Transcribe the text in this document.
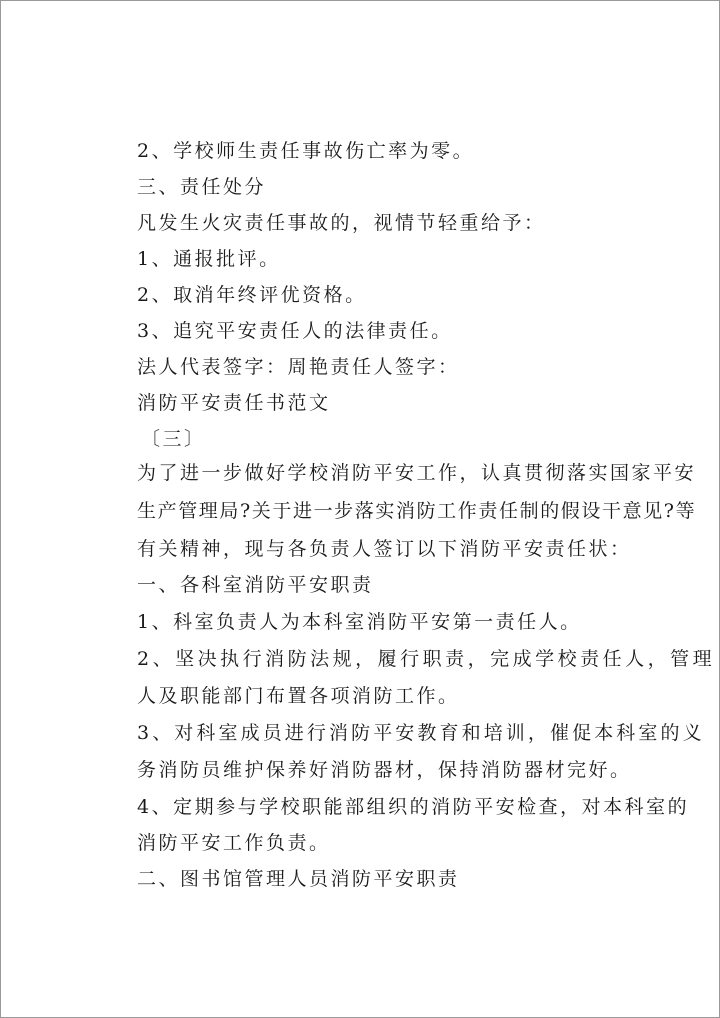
2、学校师生责任事故伤亡率为零。
三、责任处分
凡发生火灾责任事故的，视情节轻重给予：
1、通报批评。
2、取消年终评优资格。
3、追究平安责任人的法律责任。
法人代表签字：周艳责任人签字：
消防平安责任书范文
〔三〕
为了进一步做好学校消防平安工作，认真贯彻落实国家平安
生产管理局?关于进一步落实消防工作责任制的假设干意见?等
有关精神，现与各负责人签订以下消防平安责任状：
一、各科室消防平安职责
1、科室负责人为本科室消防平安第一责任人。
2、坚决执行消防法规，履行职责，完成学校责任人，管理
人及职能部门布置各项消防工作。
3、对科室成员进行消防平安教育和培训，催促本科室的义
务消防员维护保养好消防器材，保持消防器材完好。
4、定期参与学校职能部组织的消防平安检查，对本科室的
消防平安工作负责。
二、图书馆管理人员消防平安职责
